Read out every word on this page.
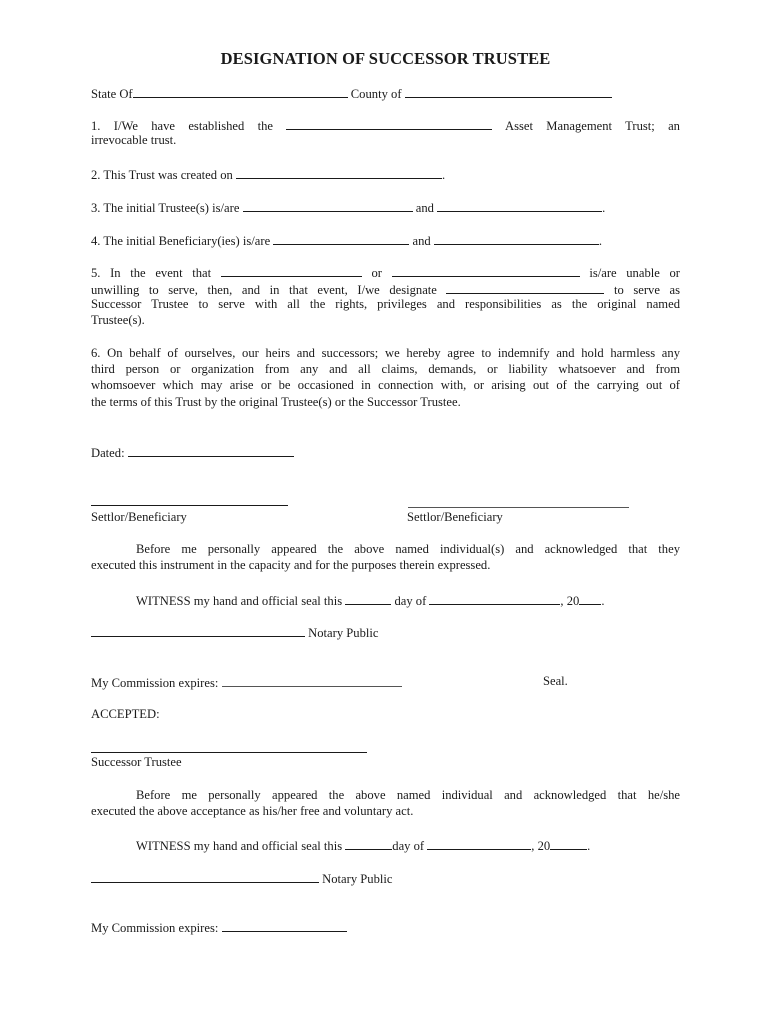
DESIGNATION OF SUCCESSOR TRUSTEE
State Of	County of
1. I/We have established the	Asset Management Trust; an
irrevocable trust.
2. This Trust was created on	.
3. The initial Trustee(s) is/are	and	.
4. The initial Beneficiary(ies) is/are	and	.
5. In the event that	or	is/are unable or
unwilling to serve, then, and in that event, I/we designate	to serve as
Successor Trustee to serve with all the rights, privileges and responsibilities as the original named
Trustee(s).
6. On behalf of ourselves, our heirs and successors; we hereby agree to indemnify and hold harmless any
third person or organization from any and all claims, demands, or liability whatsoever and from
whomsoever which may arise or be occasioned in connection with, or arising out of the carrying out of
the terms of this Trust by the original Trustee(s) or the Successor Trustee.
Dated:
Settlor/Beneficiary	Settlor/Beneficiary
Before me personally appeared the above named individual(s) and acknowledged that they
executed this instrument in the capacity and for the purposes therein expressed.
WITNESS my hand and official seal this	day of	, 20 .
Notary Public
My Commission expires:	Seal.
ACCEPTED:
Successor Trustee
Before me personally appeared the above named individual and acknowledged that he/she
executed the above acceptance as his/her free and voluntary act.
WITNESS my hand and official seal this	day of	, 20	.
Notary Public
My Commission expires:
